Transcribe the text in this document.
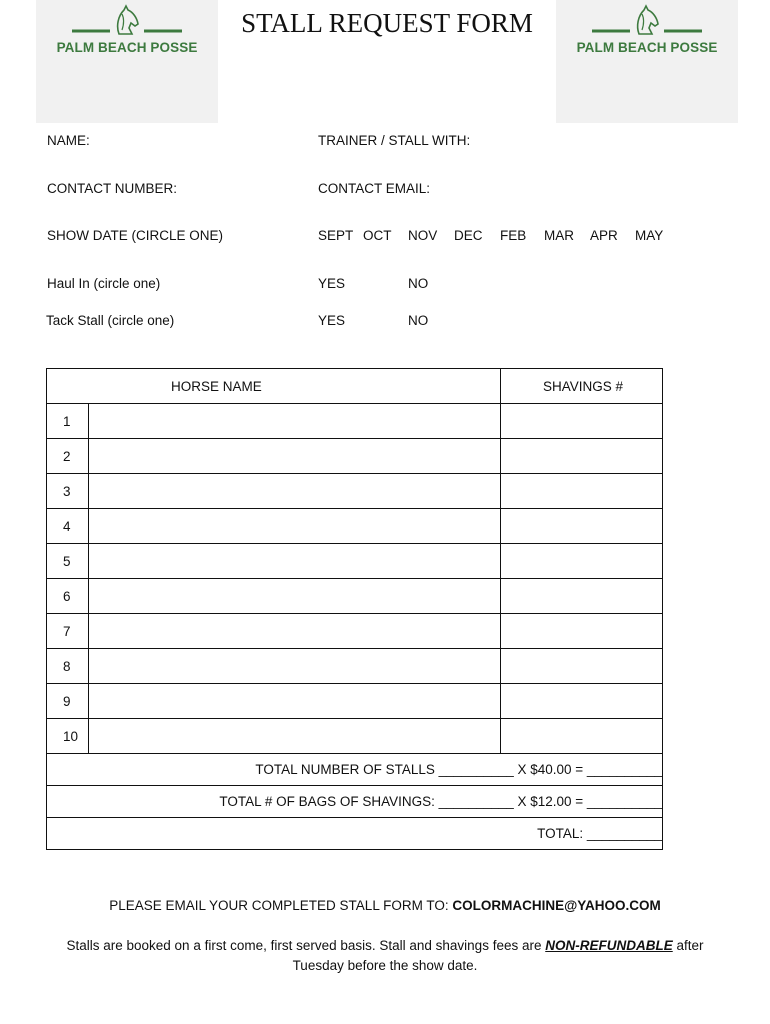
PALM BEACH POSSE	PALM BEACH POSSE
STALL REQUEST FORM
NAME:	TRAINER / STALL WITH:
CONTACT NUMBER:	CONTACT EMAIL:
SHOW DATE (CIRCLE ONE)	SEPT OCT NOV DEC FEB MAR APR MAY
Haul In (circle one)	YES	NO
Tack Stall (circle one)	YES	NO
HORSE NAME		SHAVINGS #
1		
2		
3		
4		
5		
6		
7		
8		
9		
10		
TOTAL NUMBER OF STALLS __________ X $40.00 = __________		
TOTAL # OF BAGS OF SHAVINGS: __________ X $12.00 = __________		
TOTAL: __________		
PLEASE EMAIL YOUR COMPLETED STALL FORM TO: COLORMACHINE@YAHOO.COM
Stalls are booked on a first come, first served basis. Stall and shavings fees are NON-REFUNDABLE after Tuesday before the show date.
